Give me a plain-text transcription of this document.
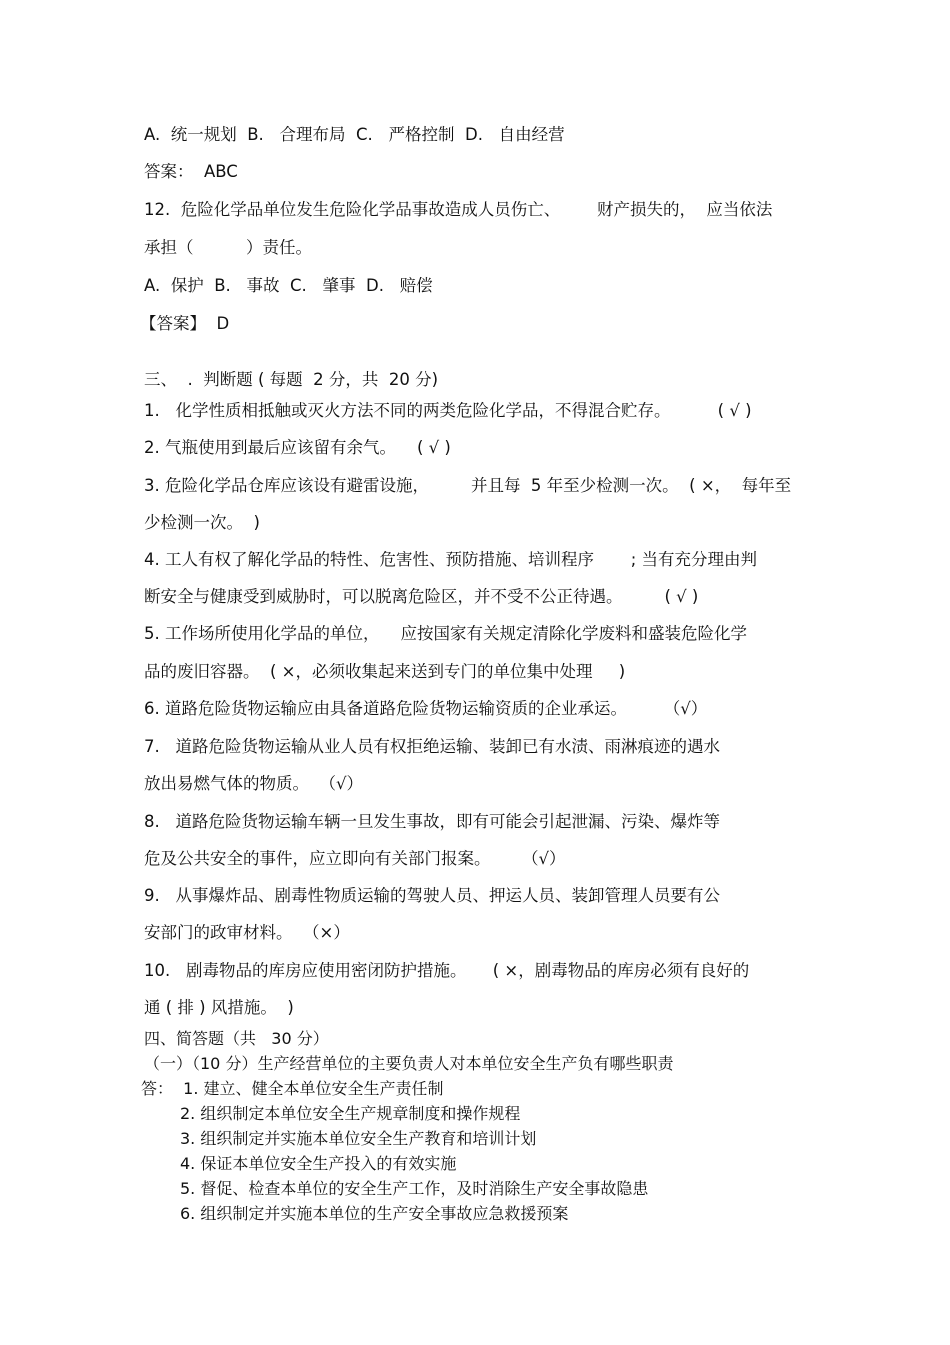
A.  统一规划  B.   合理布局  C.   严格控制  D.   自由经营

答案：  ABC

12.  危险化学品单位发生危险化学品事故造成人员伤亡、       财产损失的，  应当依法

承担（          ）责任。

A.  保护  B.   事故  C.   肇事  D.   赔偿

【答案】  D

三、  .  判断题 ( 每题  2 分，共  20 分)

1.   化学性质相抵触或灭火方法不同的两类危险化学品，不得混合贮存。         ( √ )

2. 气瓶使用到最后应该留有余气。    ( √ )

3. 危险化学品仓库应该设有避雷设施，        并且每  5 年至少检测一次。  ( ×，  每年至

少检测一次。  )

4. 工人有权了解化学品的特性、危害性、预防措施、培训程序       ; 当有充分理由判

断安全与健康受到威胁时，可以脱离危险区，并不受不公正待遇。        ( √ )

5. 工作场所使用化学品的单位，    应按国家有关规定清除化学废料和盛装危险化学

品的废旧容器。  ( ×，必须收集起来送到专门的单位集中处理     )

6. 道路危险货物运输应由具备道路危险货物运输资质的企业承运。       （√）

7.   道路危险货物运输从业人员有权拒绝运输、装卸已有水渍、雨淋痕迹的遇水

放出易燃气体的物质。  （√）

8.   道路危险货物运输车辆一旦发生事故，即有可能会引起泄漏、污染、爆炸等

危及公共安全的事件，应立即向有关部门报案。      （√）

9.   从事爆炸品、剧毒性物质运输的驾驶人员、押运人员、装卸管理人员要有公

安部门的政审材料。  （×）

10.   剧毒物品的库房应使用密闭防护措施。     ( ×，剧毒物品的库房必须有良好的

通 ( 排 ) 风措施。  )

四、简答题（共   30 分）

（一）（10 分）生产经营单位的主要负责人对本单位安全生产负有哪些职责

答：  1. 建立、健全本单位安全生产责任制

2. 组织制定本单位安全生产规章制度和操作规程

3. 组织制定并实施本单位安全生产教育和培训计划

4. 保证本单位安全生产投入的有效实施

5. 督促、检查本单位的安全生产工作，及时消除生产安全事故隐患

6. 组织制定并实施本单位的生产安全事故应急救援预案
